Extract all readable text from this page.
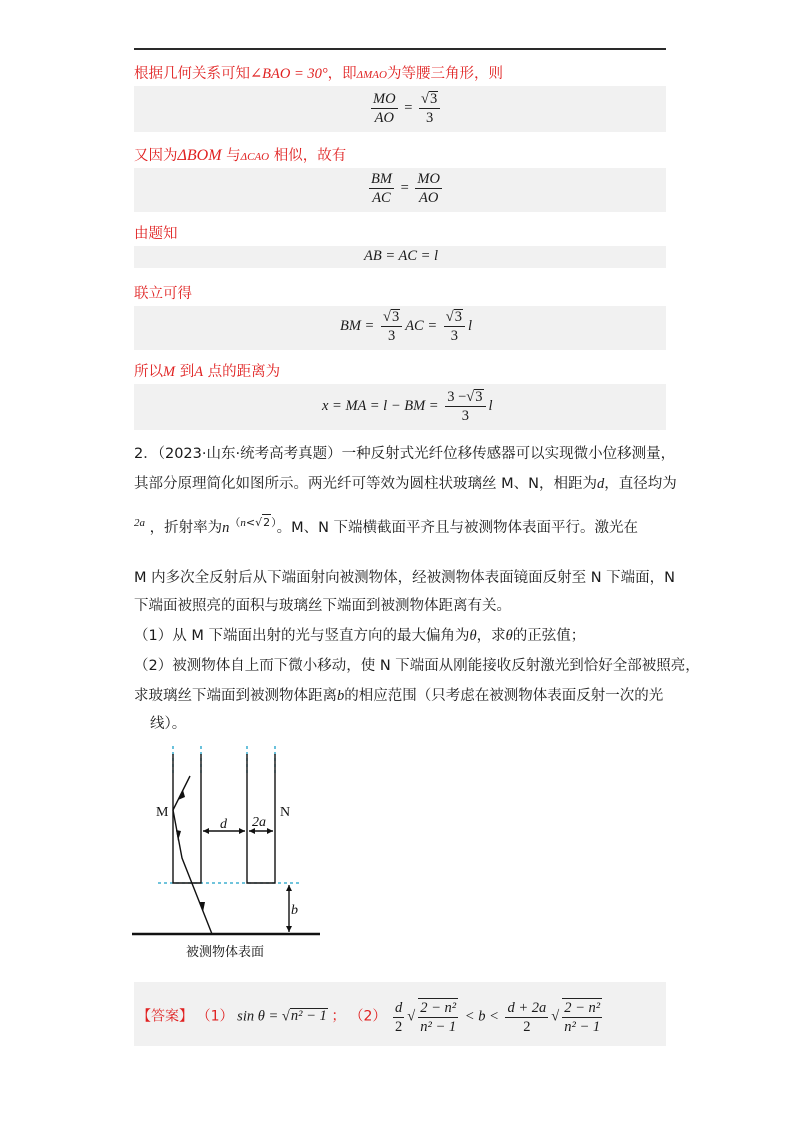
根据几何关系可知∠BAO = 30°，即ΔMAO为等腰三角形，则
$\frac{MO}{AO} = \frac{√3}{3}$
又因为ΔBOM 与ΔCAO 相似，故有
$\frac{BM}{AC} = \frac{MO}{AO}$
由题知
AB = AC = l
联立可得
BM = $\frac{√3}{3}$ AC = $\frac{√3}{3}$ l
所以M 到A 点的距离为
x = MA = l − BM = $\frac{3 -√3}{3}$ l
2．（2023·山东·统考高考真题）一种反射式光纤位移传感器可以实现微小位移测量，
其部分原理简化如图所示。两光纤可等效为圆柱状玻璃丝 M、N，相距为d，直径均为
$^{2a}$ ，折射率为$n^{(n<√2)}$。M、N 下端横截面平齐且与被测物体表面平行。激光在
M 内多次全反射后从下端面射向被测物体，经被测物体表面镜面反射至 N 下端面，N
下端面被照亮的面积与玻璃丝下端面到被测物体距离有关。
（1）从 M 下端面出射的光与竖直方向的最大偏角为θ，求θ的正弦值；
（2）被测物体自上而下微小移动，使 N 下端面从刚能接收反射激光到恰好全部被照亮，
求玻璃丝下端面到被测物体距离b的相应范围（只考虑在被测物体表面反射一次的光
线）。
M	N
d 2a
b
被测物体表面
【答案】 （1） sin θ = √n² − 1 ； $(2) \frac{d}{2}$ √ $\frac{\text{2 − n²}}{\text{n² − 1}} < b < \frac{d + 2a}{2}$ √ $\frac{\text{2 − n²}}{\text{n² − 1}}$
